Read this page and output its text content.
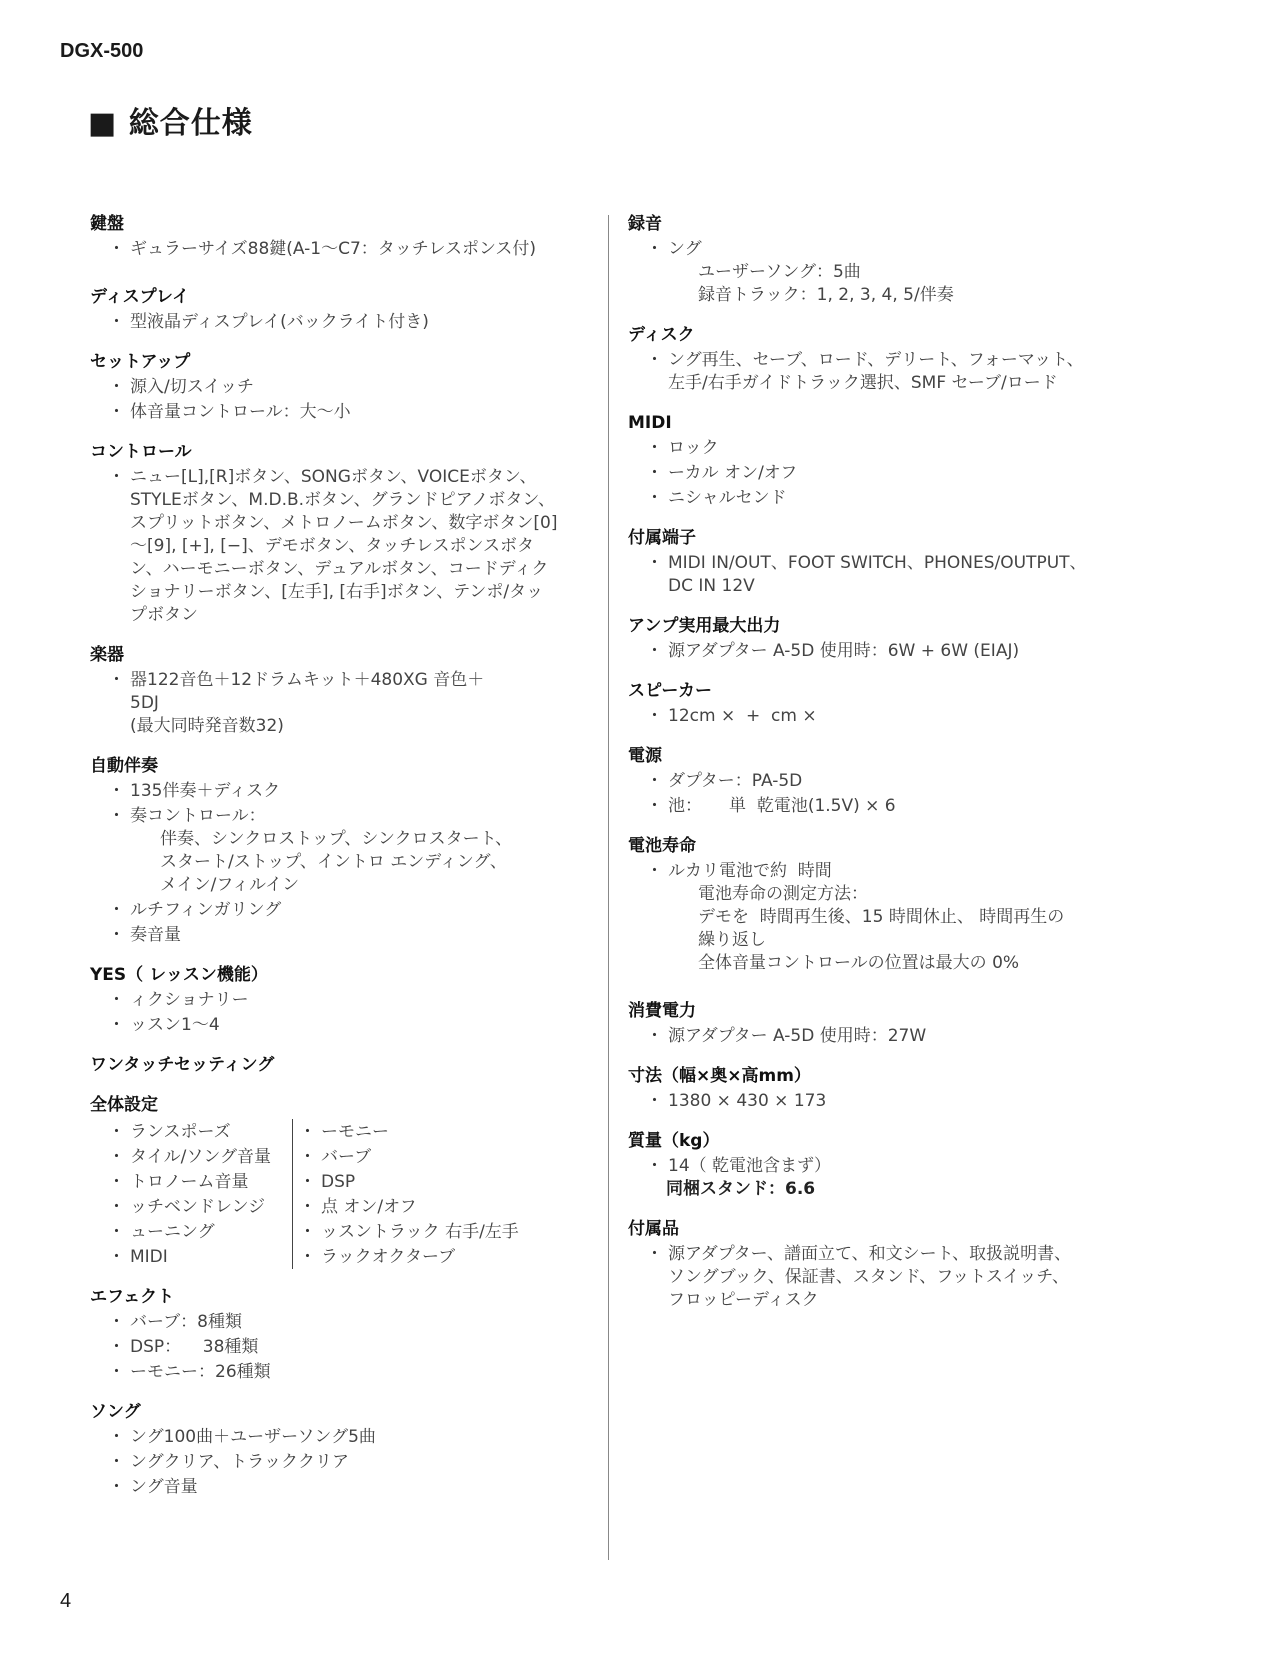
DGX-500
■ 総合仕様
鍵盤
・ ギュラーサイズ88鍵(A-1〜C7：タッチレスポンス付)
ディスプレイ
・ 型液晶ディスプレイ(バックライト付き)
セットアップ
・ 源入/切スイッチ
・ 体音量コントロール：大〜小
コントロール
・ ニュー[L],[R]ボタン、SONGボタン、VOICEボタン、
STYLEボタン、M.D.B.ボタン、グランドピアノボタン、
スプリットボタン、メトロノームボタン、数字ボタン[0]
〜[9], [+], [−]、デモボタン、タッチレスポンスボタ
ン、ハーモニーボタン、デュアルボタン、コードディク
ショナリーボタン、[左手], [右手]ボタン、テンポ/タッ
プボタン
楽器
・ 器122音色＋12ドラムキット＋480XG 音色＋
5DJ
(最大同時発音数32)
自動伴奏
・ 135伴奏＋ディスク
・ 奏コントロール：
伴奏、シンクロストップ、シンクロスタート、
スタート/ストップ、イントロ エンディング、
メイン/フィルイン
・ ルチフィンガリング
・ 奏音量
YES（ レッスン機能）
・ ィクショナリー
・ ッスン1〜4
ワンタッチセッティング
全体設定
・ ランスポーズ
・ タイル/ソング音量
・ トロノーム音量
・ ッチベンドレンジ
・ ューニング
・ MIDI
・ ーモニー
・ バーブ
・ DSP
・ 点 オン/オフ
・ ッスントラック 右手/左手
・ ラックオクターブ
エフェクト
・ バーブ：8種類
・ DSP：    38種類
・ ーモニー：26種類
ソング
・ ング100曲＋ユーザーソング5曲
・ ングクリア、トラッククリア
・ ング音量
録音
・ ング
ユーザーソング：5曲
録音トラック：1, 2, 3, 4, 5/伴奏
ディスク
・ ング再生、セーブ、ロード、デリート、フォーマット、
左手/右手ガイドトラック選択、SMF セーブ/ロード
MIDI
・ ロック
・ ーカル オン/オフ
・ ニシャルセンド
付属端子
・ MIDI IN/OUT、FOOT SWITCH、PHONES/OUTPUT、
DC IN 12V
アンプ実用最大出力
・ 源アダプター A-5D 使用時：6W + 6W (EIAJ)
スピーカー
・ 12cm ×  +  cm ×
電源
・ ダプター：PA-5D
・ 池：     単  乾電池(1.5V) × 6
電池寿命
・ ルカリ電池で約  時間
電池寿命の測定方法：
デモを  時間再生後、15 時間休止、 時間再生の
繰り返し
全体音量コントロールの位置は最大の 0%
消費電力
・ 源アダプター A-5D 使用時：27W
寸法（幅×奥×高mm）
・ 1380 × 430 × 173
質量（kg）
・ 14（ 乾電池含まず）
同梱スタンド：6.6
付属品
・ 源アダプター、譜面立て、和文シート、取扱説明書、
ソングブック、保証書、スタンド、フットスイッチ、
フロッピーディスク
4
